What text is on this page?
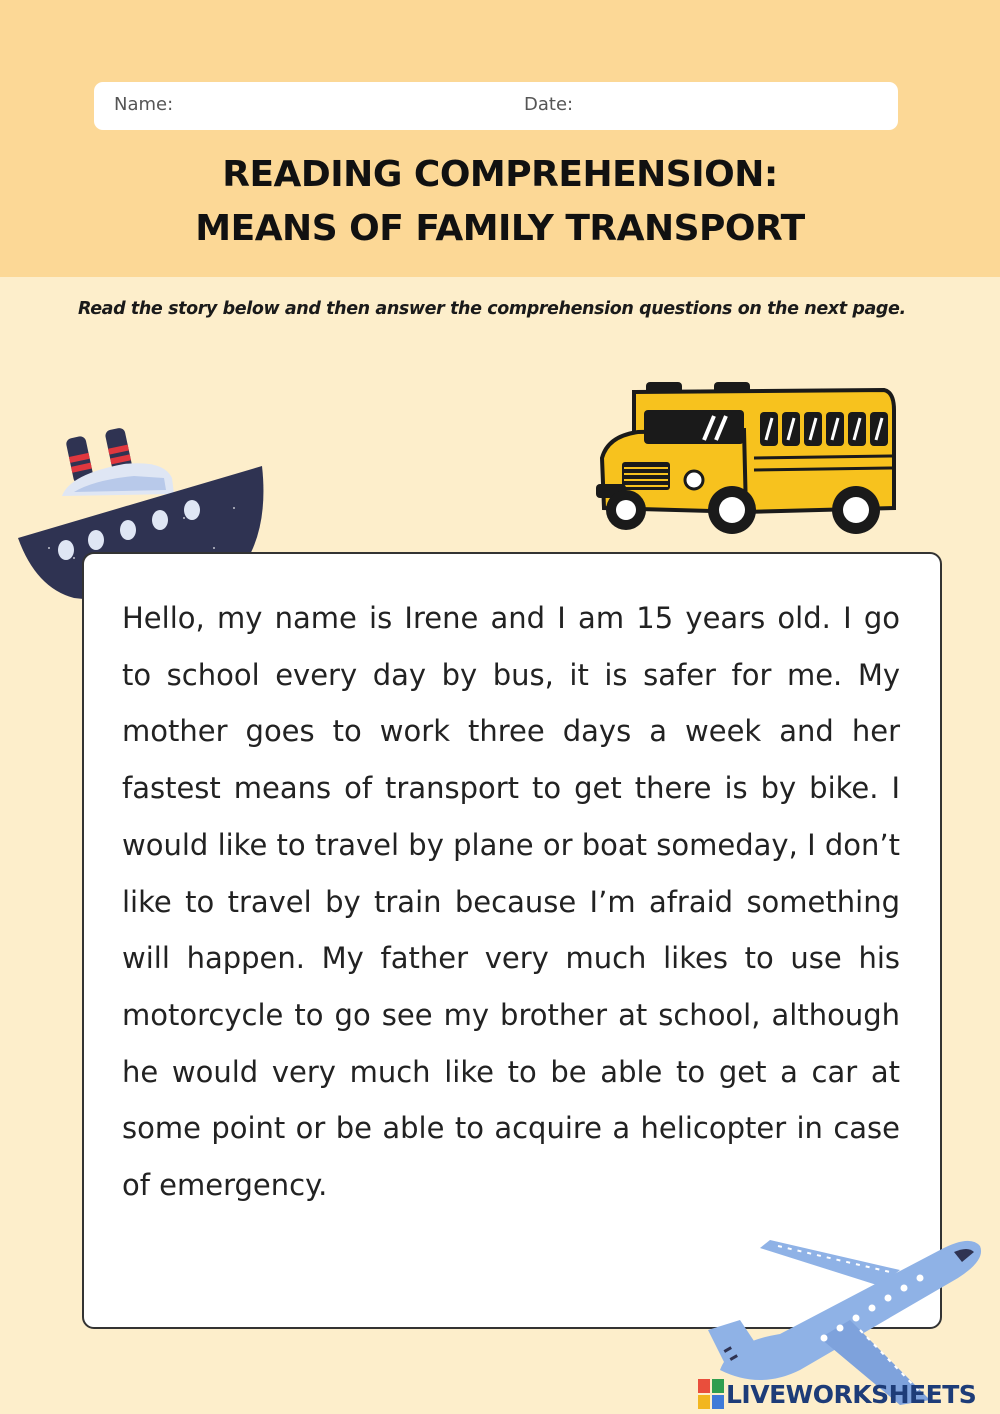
Name:	Date:
READING COMPREHENSION:
MEANS OF FAMILY TRANSPORT
Read the story below and then answer the comprehension questions on the next page.

Hello, my name is Irene and I am 15 years old. I go to school every day by bus, it is safer for me. My mother goes to work three days a week and her fastest means of transport to get there is by bike. I would like to travel by plane or boat someday, I don’t like to travel by train because I’m afraid something will happen. My father very much likes to use his motorcycle to go see my brother at school, although he would very much like to be able to get a car at some point or be able to acquire a helicopter in case of emergency.

LIVEWORKSHEETS
